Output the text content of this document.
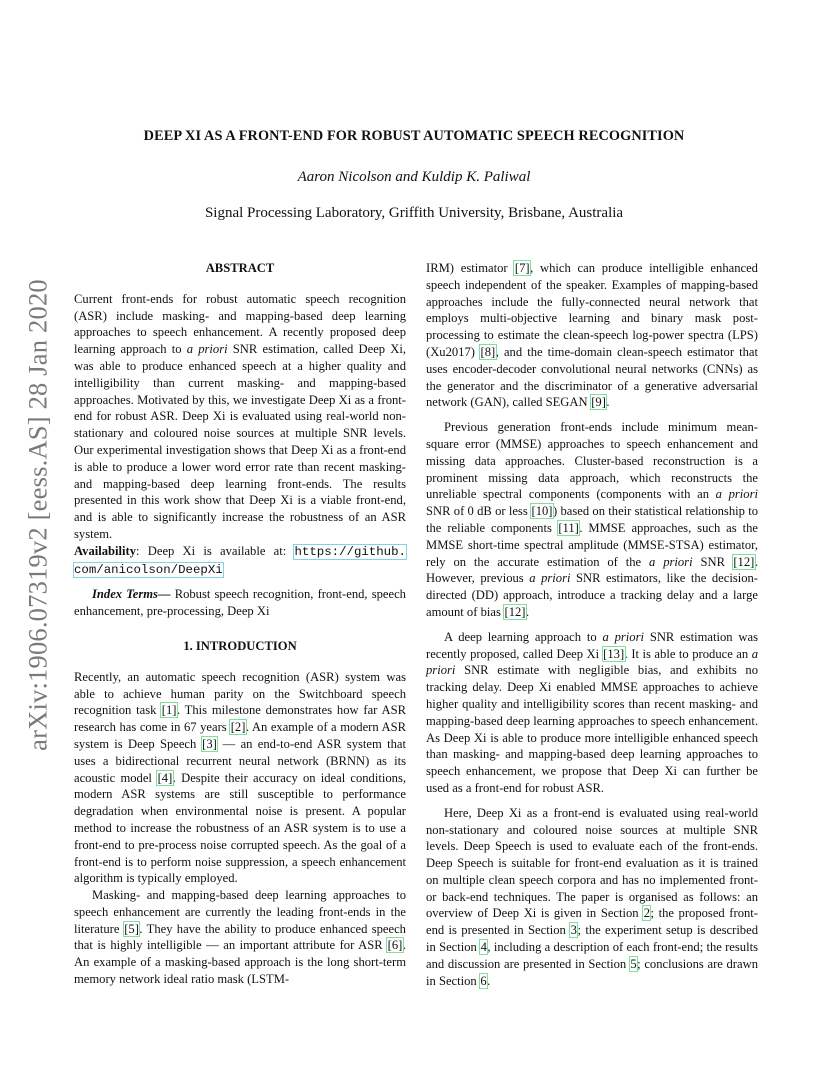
arXiv:1906.07319v2 [eess.AS] 28 Jan 2020
DEEP XI AS A FRONT-END FOR ROBUST AUTOMATIC SPEECH RECOGNITION
Aaron Nicolson and Kuldip K. Paliwal
Signal Processing Laboratory, Griffith University, Brisbane, Australia

ABSTRACT

Current front-ends for robust automatic speech recognition (ASR) include masking- and mapping-based deep learning approaches to speech enhancement. A recently proposed deep learning approach to a priori SNR estimation, called Deep Xi, was able to produce enhanced speech at a higher quality and intelligibility than current masking- and mapping-based approaches. Motivated by this, we investigate Deep Xi as a front-end for robust ASR. Deep Xi is evaluated using real-world non-stationary and coloured noise sources at multiple SNR levels. Our experimental investigation shows that Deep Xi as a front-end is able to produce a lower word error rate than recent masking- and mapping-based deep learning front-ends. The results presented in this work show that Deep Xi is a viable front-end, and is able to significantly increase the robustness of an ASR system.

Availability: Deep Xi is available at: https://github. com/anicolson/DeepXi

Index Terms— Robust speech recognition, front-end, speech enhancement, pre-processing, Deep Xi

1. INTRODUCTION

Recently, an automatic speech recognition (ASR) system was able to achieve human parity on the Switchboard speech recognition task [1]. This milestone demonstrates how far ASR research has come in 67 years [2]. An example of a modern ASR system is Deep Speech [3] — an end-to-end ASR system that uses a bidirectional recurrent neural network (BRNN) as its acoustic model [4]. Despite their accuracy on ideal conditions, modern ASR systems are still susceptible to performance degradation when environmental noise is present. A popular method to increase the robustness of an ASR system is to use a front-end to pre-process noise corrupted speech. As the goal of a front-end is to perform noise suppression, a speech enhancement algorithm is typically employed.

Masking- and mapping-based deep learning approaches to speech enhancement are currently the leading front-ends in the literature [5]. They have the ability to produce enhanced speech that is highly intelligible — an important attribute for ASR [6]. An example of a masking-based approach is the long short-term memory network ideal ratio mask (LSTM-

IRM) estimator [7], which can produce intelligible enhanced speech independent of the speaker. Examples of mapping-based approaches include the fully-connected neural network that employs multi-objective learning and binary mask post-processing to estimate the clean-speech log-power spectra (LPS) (Xu2017) [8], and the time-domain clean-speech estimator that uses encoder-decoder convolutional neural networks (CNNs) as the generator and the discriminator of a generative adversarial network (GAN), called SEGAN [9].

Previous generation front-ends include minimum mean-square error (MMSE) approaches to speech enhancement and missing data approaches. Cluster-based reconstruction is a prominent missing data approach, which reconstructs the unreliable spectral components (components with an a priori SNR of 0 dB or less [10]) based on their statistical relationship to the reliable components [11]. MMSE approaches, such as the MMSE short-time spectral amplitude (MMSE-STSA) estimator, rely on the accurate estimation of the a priori SNR [12]. However, previous a priori SNR estimators, like the decision-directed (DD) approach, introduce a tracking delay and a large amount of bias [12].

A deep learning approach to a priori SNR estimation was recently proposed, called Deep Xi [13]. It is able to produce an a priori SNR estimate with negligible bias, and exhibits no tracking delay. Deep Xi enabled MMSE approaches to achieve higher quality and intelligibility scores than recent masking- and mapping-based deep learning approaches to speech enhancement. As Deep Xi is able to produce more intelligible enhanced speech than masking- and mapping-based deep learning approaches to speech enhancement, we propose that Deep Xi can further be used as a front-end for robust ASR.

Here, Deep Xi as a front-end is evaluated using real-world non-stationary and coloured noise sources at multiple SNR levels. Deep Speech is used to evaluate each of the front-ends. Deep Speech is suitable for front-end evaluation as it is trained on multiple clean speech corpora and has no implemented front- or back-end techniques. The paper is organised as follows: an overview of Deep Xi is given in Section 2; the proposed front-end is presented in Section 3; the experiment setup is described in Section 4, including a description of each front-end; the results and discussion are presented in Section 5; conclusions are drawn in Section 6.
